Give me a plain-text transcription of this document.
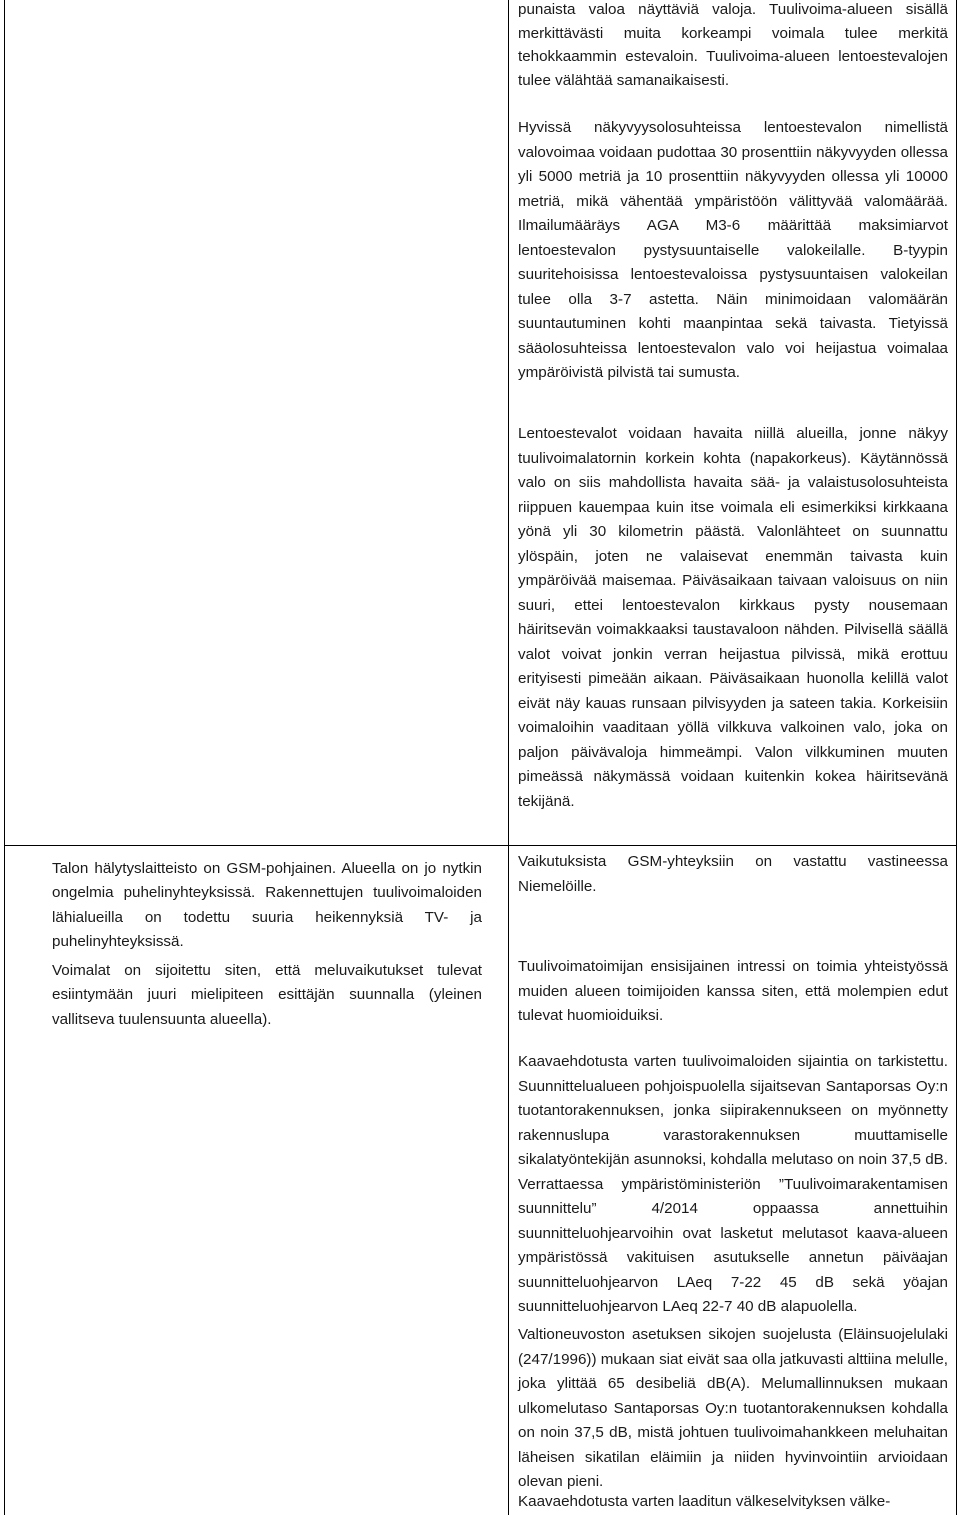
punaista valoa näyttäviä valoja. Tuulivoima-alueen sisällä merkittävästi muita korkeampi voimala tulee merkitä tehokkaammin estevaloin. Tuulivoima-alueen lentoestevalojen tulee välähtää samanaikaisesti.

Hyvissä näkyvyysolosuhteissa lentoestevalon nimellistä valovoimaa voidaan pudottaa 30 prosenttiin näkyvyyden ollessa yli 5000 metriä ja 10 prosenttiin näkyvyyden ollessa yli 10000 metriä, mikä vähentää ympäristöön välittyvää valomäärää. Ilmailumääräys AGA M3-6 määrittää maksimiarvot lentoestevalon pystysuuntaiselle valokeilalle. B-tyypin suuritehoisissa lentoestevaloissa pystysuuntaisen valokeilan tulee olla 3-7 astetta. Näin minimoidaan valomäärän suuntautuminen kohti maanpintaa sekä taivasta. Tietyissä sääolosuhteissa lentoestevalon valo voi heijastua voimalaa ympäröivistä pilvistä tai sumusta.

Lentoestevalot voidaan havaita niillä alueilla, jonne näkyy tuulivoimalatornin korkein kohta (napakorkeus). Käytännössä valo on siis mahdollista havaita sää- ja valaistusolosuhteista riippuen kauempaa kuin itse voimala eli esimerkiksi kirkkaana yönä yli 30 kilometrin päästä. Valonlähteet on suunnattu ylöspäin, joten ne valaisevat enemmän taivasta kuin ympäröivää maisemaa. Päiväsaikaan taivaan valoisuus on niin suuri, ettei lentoestevalon kirkkaus pysty nousemaan häiritsevän voimakkaaksi taustavaloon nähden. Pilvisellä säällä valot voivat jonkin verran heijastua pilvissä, mikä erottuu erityisesti pimeään aikaan. Päiväsaikaan huonolla kelillä valot eivät näy kauas runsaan pilvisyyden ja sateen takia. Korkeisiin voimaloihin vaaditaan yöllä vilkkuva valkoinen valo, joka on paljon päivävaloja himmeämpi. Valon vilkkuminen muuten pimeässä näkymässä voidaan kuitenkin kokea häiritsevänä tekijänä.

Talon hälytyslaitteisto on GSM-pohjainen. Alueella on jo nytkin ongelmia puhelinyhteyksissä. Rakennettujen tuulivoimaloiden lähialueilla on todettu suuria heikennyksiä TV- ja puhelinyhteyksissä.

Voimalat on sijoitettu siten, että meluvaikutukset tulevat esiintymään juuri mielipiteen esittäjän suunnalla (yleinen vallitseva tuulensuunta alueella).

Vaikutuksista GSM-yhteyksiin on vastattu vastineessa Niemelöille.

Tuulivoimatoimijan ensisijainen intressi on toimia yhteistyössä muiden alueen toimijoiden kanssa siten, että molempien edut tulevat huomioiduiksi.

Kaavaehdotusta varten tuulivoimaloiden sijaintia on tarkistettu. Suunnittelualueen pohjoispuolella sijaitsevan Santaporsas Oy:n tuotantorakennuksen, jonka siipirakennukseen on myönnetty rakennuslupa varastorakennuksen muuttamiselle sikalatyöntekijän asunnoksi, kohdalla melutaso on noin 37,5 dB. Verrattaessa ympäristöministeriön ”Tuulivoimarakentamisen suunnittelu” 4/2014 oppaassa annettuihin suunnitteluohjearvoihin ovat lasketut melutasot kaava-alueen ympäristössä vakituisen asutukselle annetun päiväajan suunnitteluohjearvon LAeq 7-22 45 dB sekä yöajan suunnitteluohjearvon LAeq 22-7 40 dB alapuolella.

Valtioneuvoston asetuksen sikojen suojelusta (Eläinsuojelulaki (247/1996)) mukaan siat eivät saa olla jatkuvasti alttiina melulle, joka ylittää 65 desibeliä dB(A). Melumallinnuksen mukaan ulkomelutaso Santaporsas Oy:n tuotantorakennuksen kohdalla on noin 37,5 dB, mistä johtuen tuulivoimahankkeen meluhaitan läheisen sikatilan eläimiin ja niiden hyvinvointiin arvioidaan olevan pieni.

Kaavaehdotusta varten laaditun välkeselvityksen välke-
